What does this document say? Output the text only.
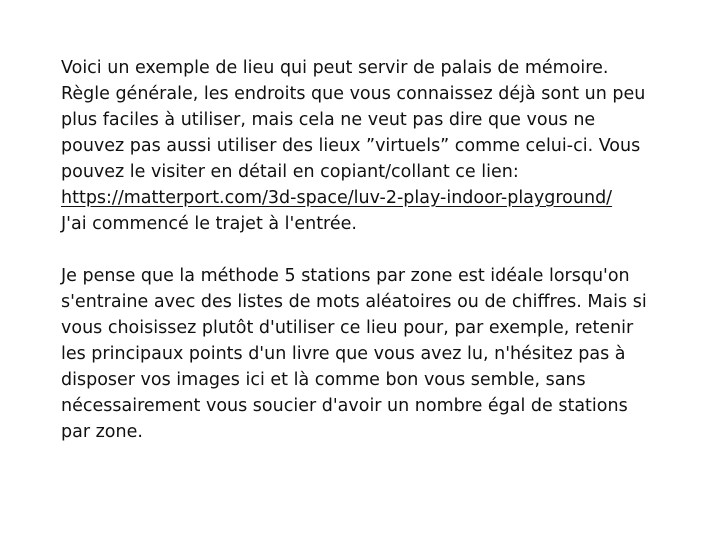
Voici un exemple de lieu qui peut servir de palais de mémoire.
Règle générale, les endroits que vous connaissez déjà sont un peu
plus faciles à utiliser, mais cela ne veut pas dire que vous ne
pouvez pas aussi utiliser des lieux ”virtuels” comme celui-ci. Vous
pouvez le visiter en détail en copiant/collant ce lien:
https://matterport.com/3d-space/luv-2-play-indoor-playground/
J'ai commencé le trajet à l'entrée.

Je pense que la méthode 5 stations par zone est idéale lorsqu'on
s'entraine avec des listes de mots aléatoires ou de chiffres. Mais si
vous choisissez plutôt d'utiliser ce lieu pour, par exemple, retenir
les principaux points d'un livre que vous avez lu, n'hésitez pas à
disposer vos images ici et là comme bon vous semble, sans
nécessairement vous soucier d'avoir un nombre égal de stations
par zone.
